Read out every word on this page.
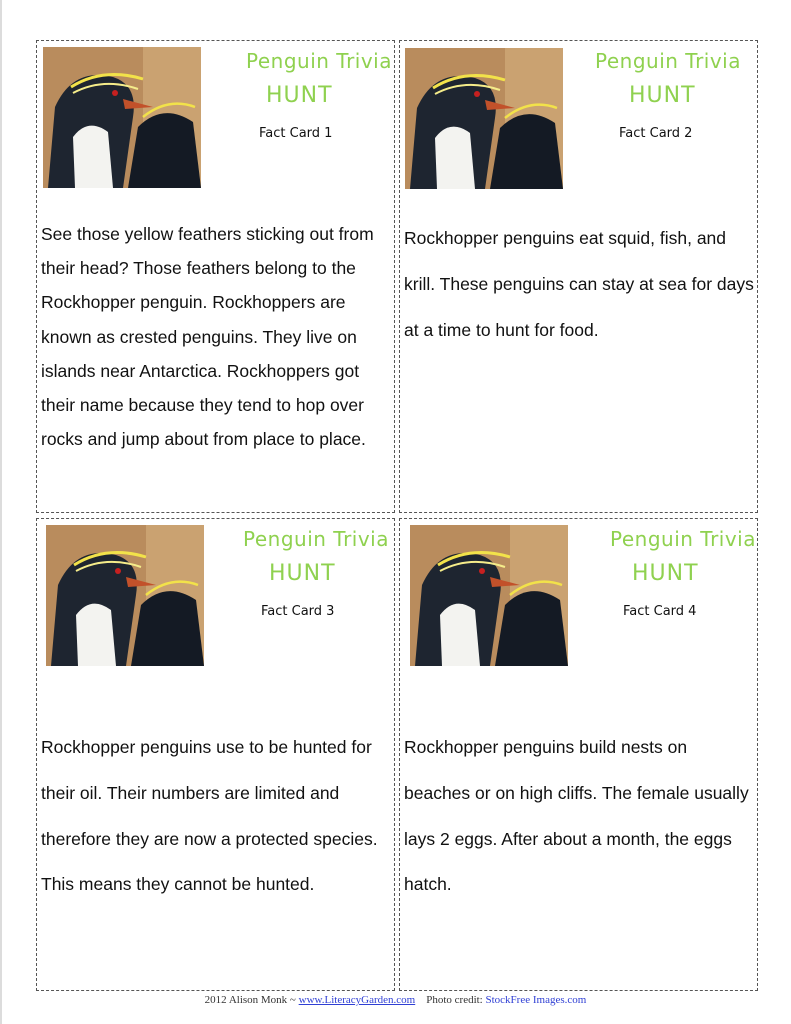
Penguin Trivia
HUNT
Fact Card 1

See those yellow feathers sticking out from their head? Those feathers belong to the Rockhopper penguin. Rockhoppers are known as crested penguins. They live on islands near Antarctica. Rockhoppers got their name because they tend to hop over rocks and jump about from place to place.

Penguin Trivia
HUNT
Fact Card 2

Rockhopper penguins eat squid, fish, and krill. These penguins can stay at sea for days at a time to hunt for food.

Penguin Trivia
HUNT
Fact Card 3

Rockhopper penguins use to be hunted for their oil. Their numbers are limited and therefore they are now a protected species. This means they cannot be hunted.

Penguin Trivia
HUNT
Fact Card 4

Rockhopper penguins build nests on beaches or on high cliffs. The female usually lays 2 eggs. After about a month, the eggs hatch.

2012 Alison Monk ~ www.LiteracyGarden.com Photo credit: StockFree Images.com
